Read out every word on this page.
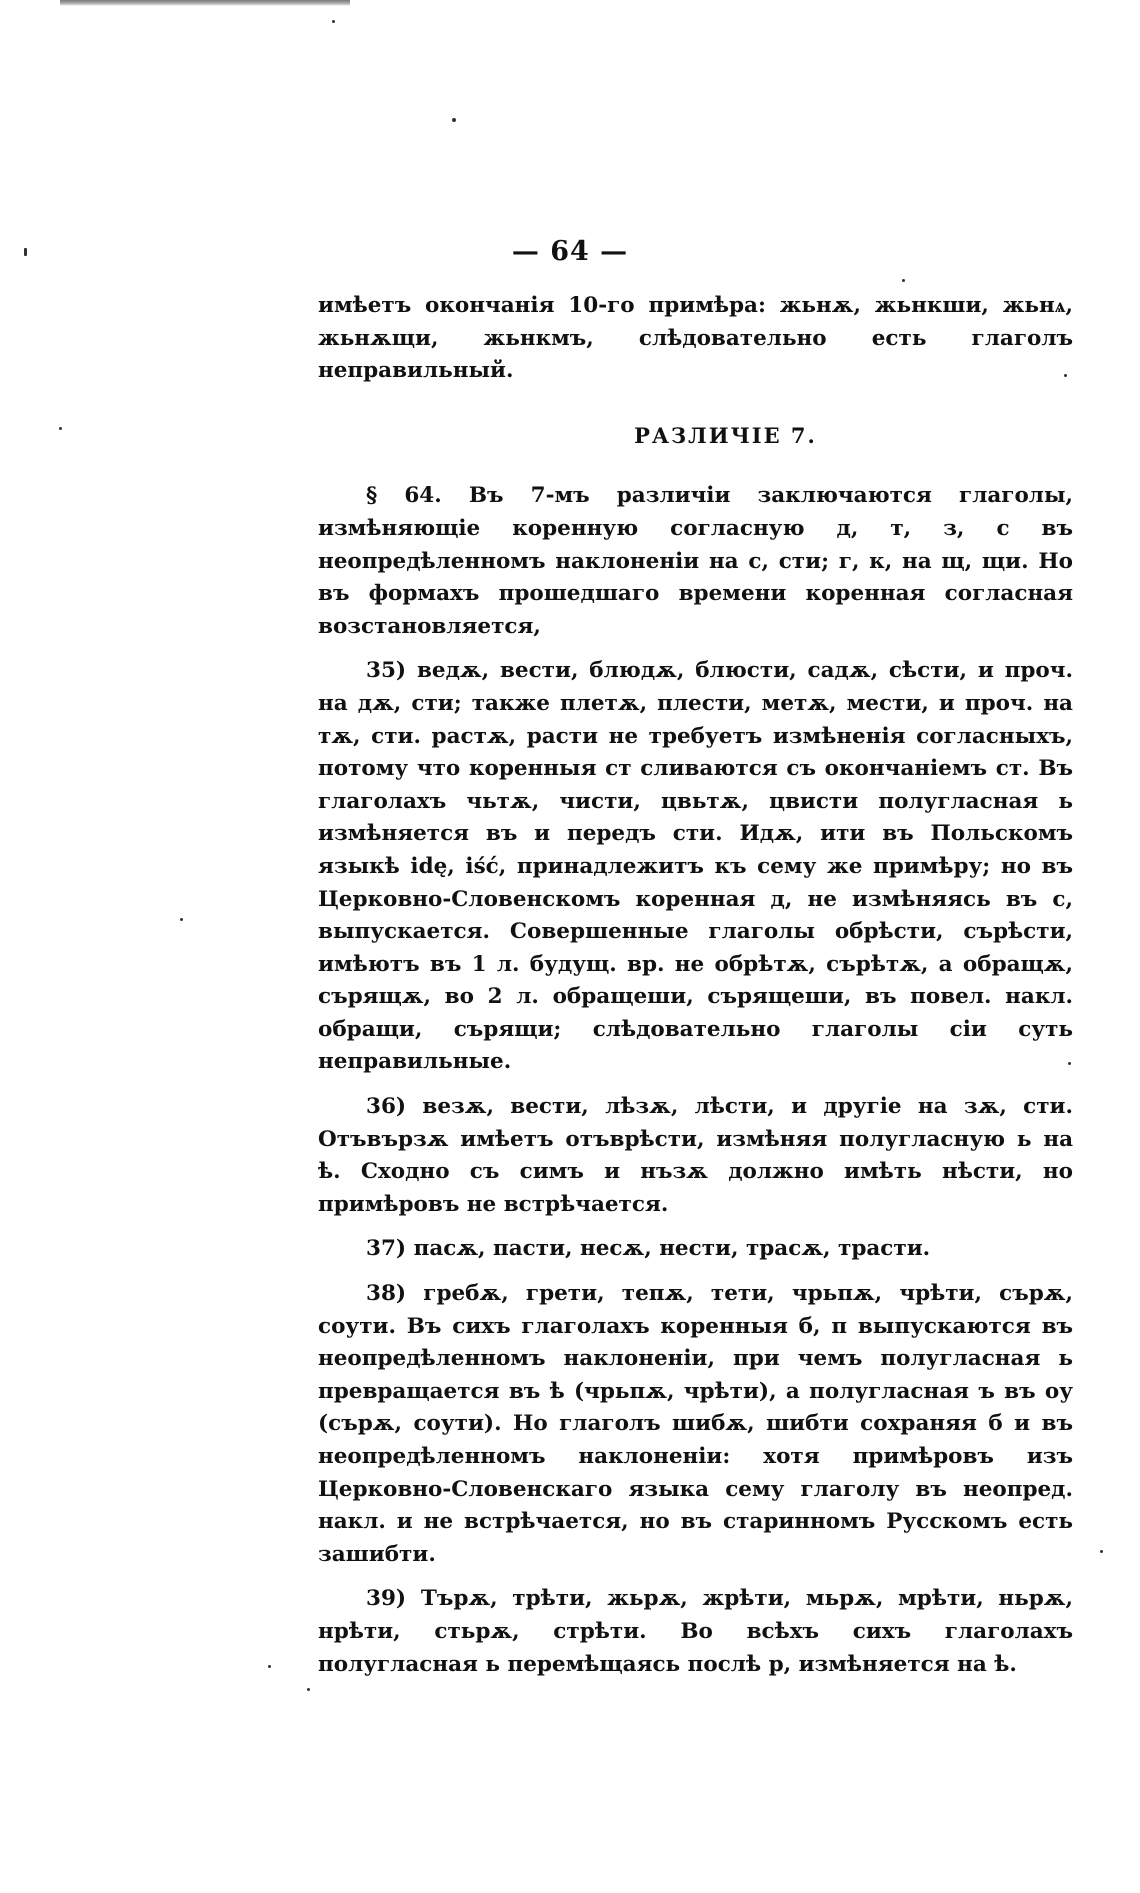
— 64 —

имѣетъ окончанія 10-го примѣра: жьнѫ, жьнкши, жьнѧ, жьнѫщи, жьнкмъ, слѣдовательно есть глаголъ неправильный.

РАЗЛИЧІЕ 7.

§ 64. Въ 7-мъ различіи заключаются глаголы, измѣняющіе коренную согласную д, т, з, с въ неопредѣленномъ наклоненіи на с, сти; г, к, на щ, щи. Но въ формахъ прошедшаго времени коренная согласная возстановляется,

35) ведѫ, вести, блюдѫ, блюсти, садѫ, сѣсти, и проч. на дѫ, сти; также плетѫ, плести, метѫ, мести, и проч. на тѫ, сти. растѫ, расти не требуетъ измѣненія согласныхъ, потому что коренныя ст сливаются съ окончаніемъ ст. Въ глаголахъ чьтѫ, чисти, цвьтѫ, цвисти полугласная ь измѣняется въ и передъ сти. Идѫ, ити въ Польскомъ языкѣ idę, iść, принадлежитъ къ сему же примѣру; но въ Церковно-Словенскомъ коренная д, не измѣняясь въ с, выпускается. Совершенные глаголы обрѣсти, сърѣсти, имѣютъ въ 1 л. будущ. вр. не обрѣтѫ, сърѣтѫ, а обращѫ, сърящѫ, во 2 л. обращеши, сърящеши, въ повел. накл. обращи, сърящи; слѣдовательно глаголы сіи суть неправильные.

36) везѫ, вести, лѣзѫ, лѣсти, и другіе на зѫ, сти. Отъвързѫ имѣетъ отъврѣсти, измѣняя полугласную ь на ѣ. Сходно съ симъ и нъзѫ должно имѣть нѣсти, но примѣровъ не встрѣчается.

37) пасѫ, пасти, несѫ, нести, трасѫ, трасти.

38) гребѫ, грети, тепѫ, тети, чрьпѫ, чрѣти, сърѫ, соути. Въ сихъ глаголахъ коренныя б, п выпускаются въ неопредѣленномъ наклоненіи, при чемъ полугласная ь превращается въ ѣ (чрьпѫ, чрѣти), а полугласная ъ въ оу (сърѫ, соути). Но глаголъ шибѫ, шибти сохраняя б и въ неопредѣленномъ наклоненіи: хотя примѣровъ изъ Церковно-Словенскаго языка сему глаголу въ неопред. накл. и не встрѣчается, но въ старинномъ Русскомъ есть зашибти.

39) Търѫ, трѣти, жьрѫ, жрѣти, мьрѫ, мрѣти, ньрѫ, нрѣти, стьрѫ, стрѣти. Во всѣхъ сихъ глаголахъ полугласная ь перемѣщаясь послѣ р, измѣняется на ѣ.
